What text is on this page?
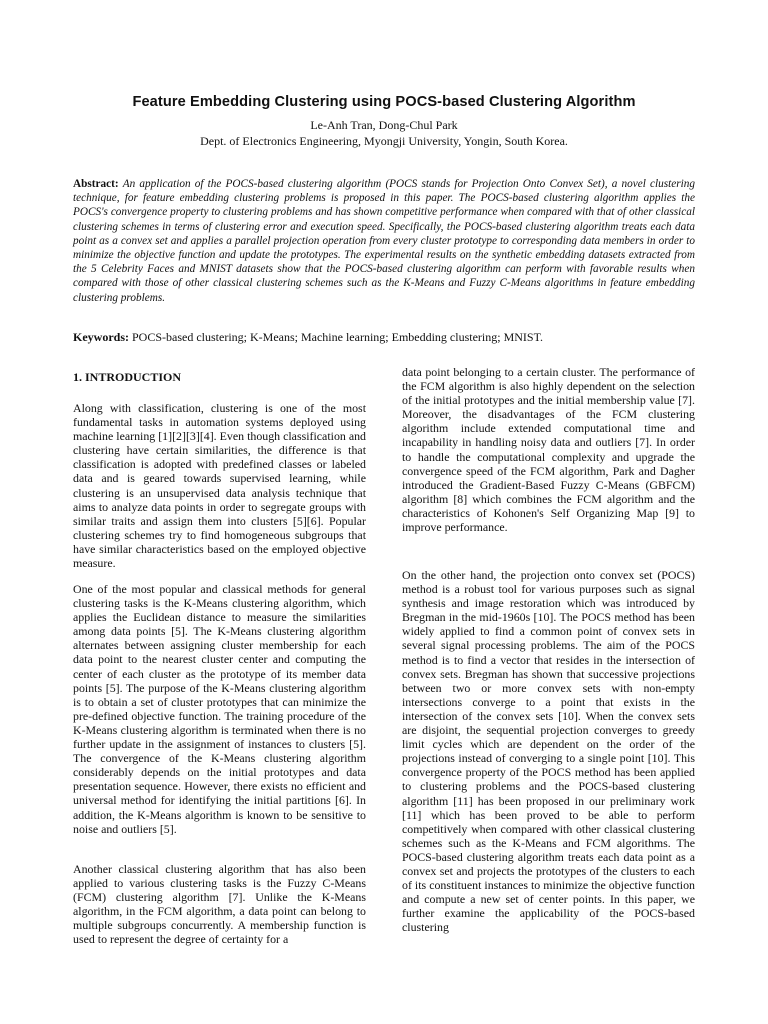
Feature Embedding Clustering using POCS-based Clustering Algorithm
Le-Anh Tran, Dong-Chul Park
Dept. of Electronics Engineering, Myongji University, Yongin, South Korea.

Abstract: An application of the POCS-based clustering algorithm (POCS stands for Projection Onto Convex Set), a novel clustering technique, for feature embedding clustering problems is proposed in this paper. The POCS-based clustering algorithm applies the POCS's convergence property to clustering problems and has shown competitive performance when compared with that of other classical clustering schemes in terms of clustering error and execution speed. Specifically, the POCS-based clustering algorithm treats each data point as a convex set and applies a parallel projection operation from every cluster prototype to corresponding data members in order to minimize the objective function and update the prototypes. The experimental results on the synthetic embedding datasets extracted from the 5 Celebrity Faces and MNIST datasets show that the POCS-based clustering algorithm can perform with favorable results when compared with those of other classical clustering schemes such as the K-Means and Fuzzy C-Means algorithms in feature embedding clustering problems.

Keywords: POCS-based clustering; K-Means; Machine learning; Embedding clustering; MNIST.

1. INTRODUCTION

Along with classification, clustering is one of the most fundamental tasks in automation systems deployed using machine learning [1][2][3][4]. Even though classification and clustering have certain similarities, the difference is that classification is adopted with predefined classes or labeled data and is geared towards supervised learning, while clustering is an unsupervised data analysis technique that aims to analyze data points in order to segregate groups with similar traits and assign them into clusters [5][6]. Popular clustering schemes try to find homogeneous subgroups that have similar characteristics based on the employed objective measure.

One of the most popular and classical methods for general clustering tasks is the K-Means clustering algorithm, which applies the Euclidean distance to measure the similarities among data points [5]. The K-Means clustering algorithm alternates between assigning cluster membership for each data point to the nearest cluster center and computing the center of each cluster as the prototype of its member data points [5]. The purpose of the K-Means clustering algorithm is to obtain a set of cluster prototypes that can minimize the pre-defined objective function. The training procedure of the K-Means clustering algorithm is terminated when there is no further update in the assignment of instances to clusters [5]. The convergence of the K-Means clustering algorithm considerably depends on the initial prototypes and data presentation sequence. However, there exists no efficient and universal method for identifying the initial partitions [6]. In addition, the K-Means algorithm is known to be sensitive to noise and outliers [5].

Another classical clustering algorithm that has also been applied to various clustering tasks is the Fuzzy C-Means (FCM) clustering algorithm [7]. Unlike the K-Means algorithm, in the FCM algorithm, a data point can belong to multiple subgroups concurrently. A membership function is used to represent the degree of certainty for a

data point belonging to a certain cluster. The performance of the FCM algorithm is also highly dependent on the selection of the initial prototypes and the initial membership value [7]. Moreover, the disadvantages of the FCM clustering algorithm include extended computational time and incapability in handling noisy data and outliers [7]. In order to handle the computational complexity and upgrade the convergence speed of the FCM algorithm, Park and Dagher introduced the Gradient-Based Fuzzy C-Means (GBFCM) algorithm [8] which combines the FCM algorithm and the characteristics of Kohonen's Self Organizing Map [9] to improve performance.

On the other hand, the projection onto convex set (POCS) method is a robust tool for various purposes such as signal synthesis and image restoration which was introduced by Bregman in the mid-1960s [10]. The POCS method has been widely applied to find a common point of convex sets in several signal processing problems. The aim of the POCS method is to find a vector that resides in the intersection of convex sets. Bregman has shown that successive projections between two or more convex sets with non-empty intersections converge to a point that exists in the intersection of the convex sets [10]. When the convex sets are disjoint, the sequential projection converges to greedy limit cycles which are dependent on the order of the projections instead of converging to a single point [10]. This convergence property of the POCS method has been applied to clustering problems and the POCS-based clustering algorithm [11] has been proposed in our preliminary work [11] which has been proved to be able to perform competitively when compared with other classical clustering schemes such as the K-Means and FCM algorithms. The POCS-based clustering algorithm treats each data point as a convex set and projects the prototypes of the clusters to each of its constituent instances to minimize the objective function and compute a new set of center points. In this paper, we further examine the applicability of the POCS-based clustering
